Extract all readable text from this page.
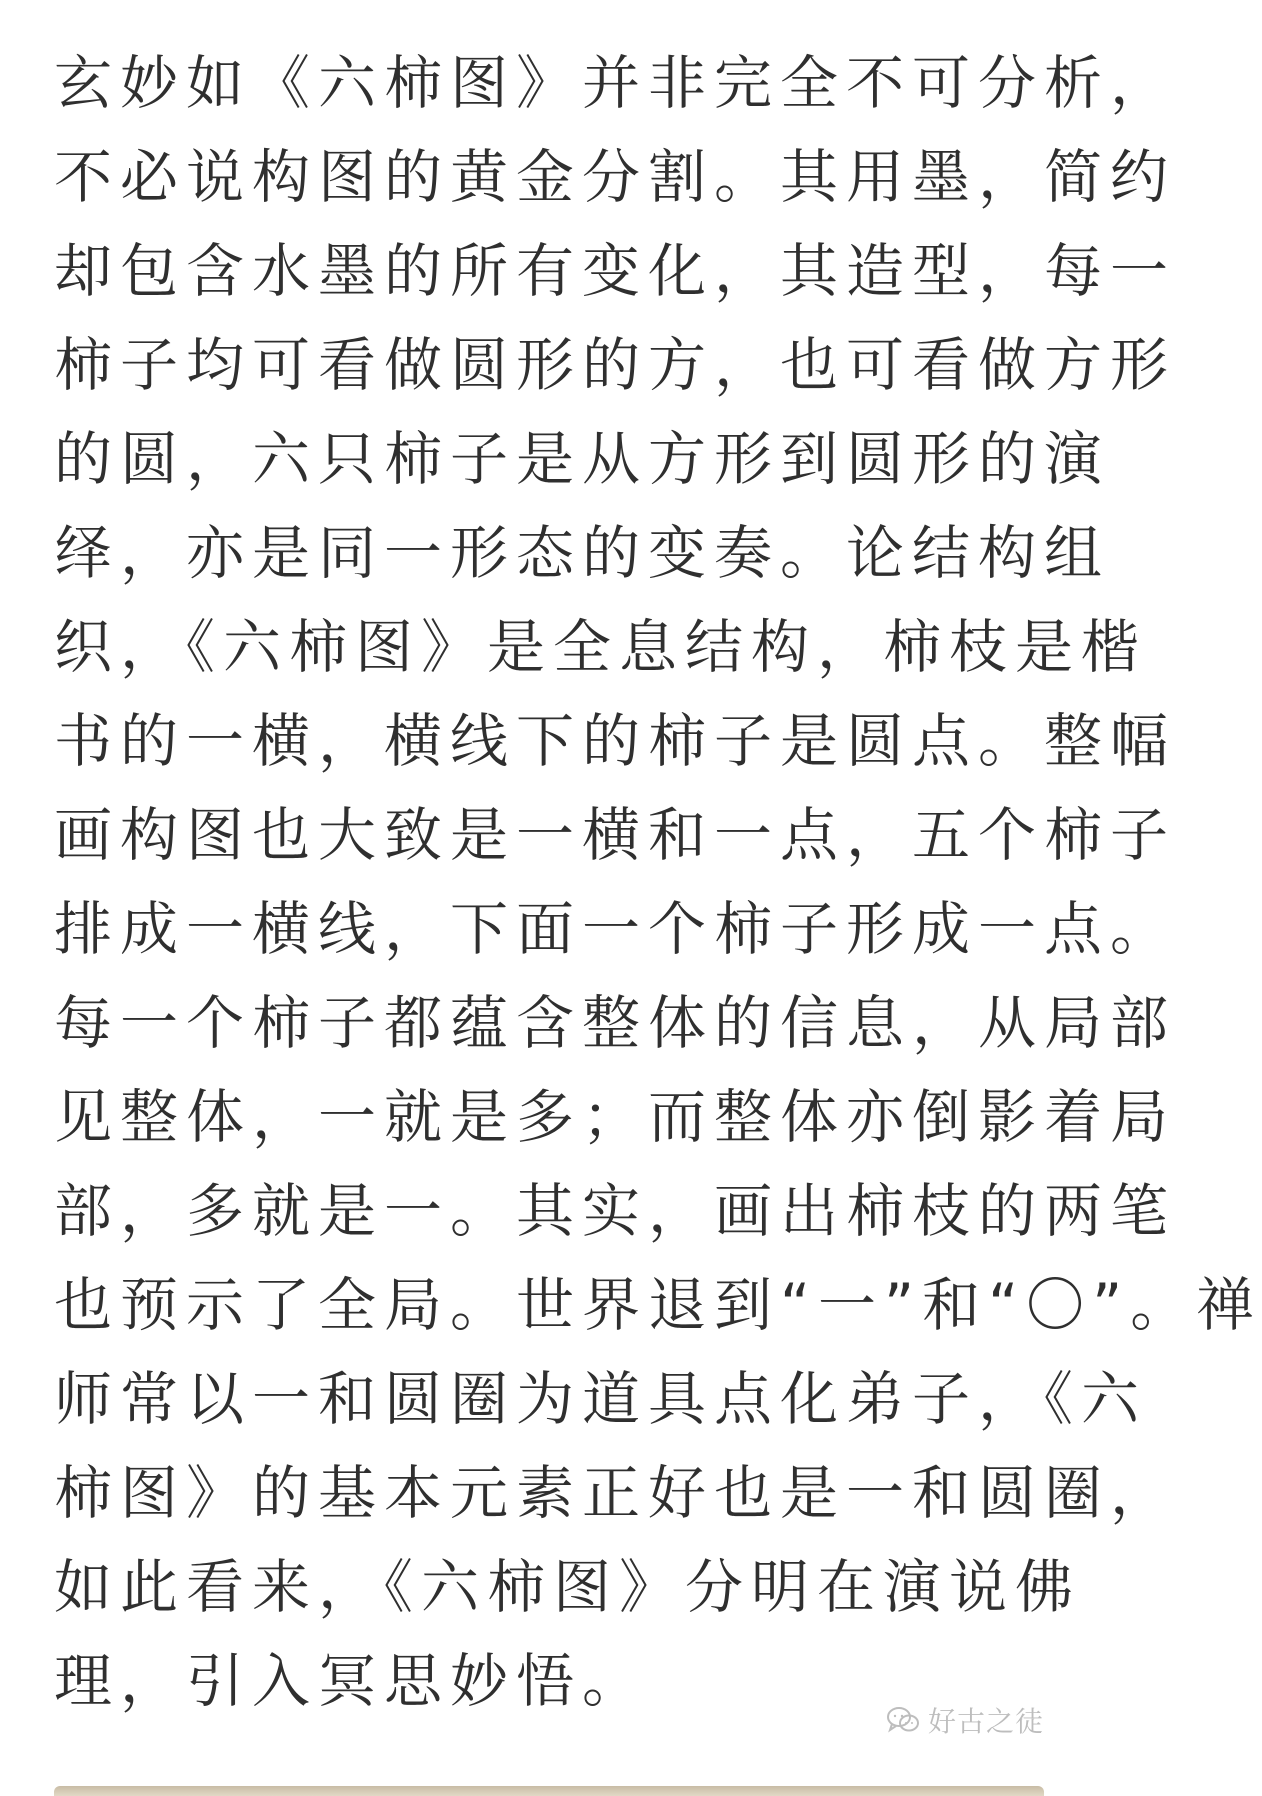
玄妙如《六柿图》并非完全不可分析，
不必说构图的黄金分割。其用墨，简约
却包含水墨的所有变化，其造型，每一
柿子均可看做圆形的方，也可看做方形
的圆，六只柿子是从方形到圆形的演
绎，亦是同一形态的变奏。论结构组
织，《六柿图》是全息结构，柿枝是楷
书的一横，横线下的柿子是圆点。整幅
画构图也大致是一横和一点，五个柿子
排成一横线，下面一个柿子形成一点。
每一个柿子都蕴含整体的信息，从局部
见整体，一就是多；而整体亦倒影着局
部，多就是一。其实，画出柿枝的两笔
也预示了全局。世界退到“一”和“〇”。禅
师常以一和圆圈为道具点化弟子，《六
柿图》的基本元素正好也是一和圆圈，
如此看来，《六柿图》分明在演说佛
理，引入冥思妙悟。
好古之徒
